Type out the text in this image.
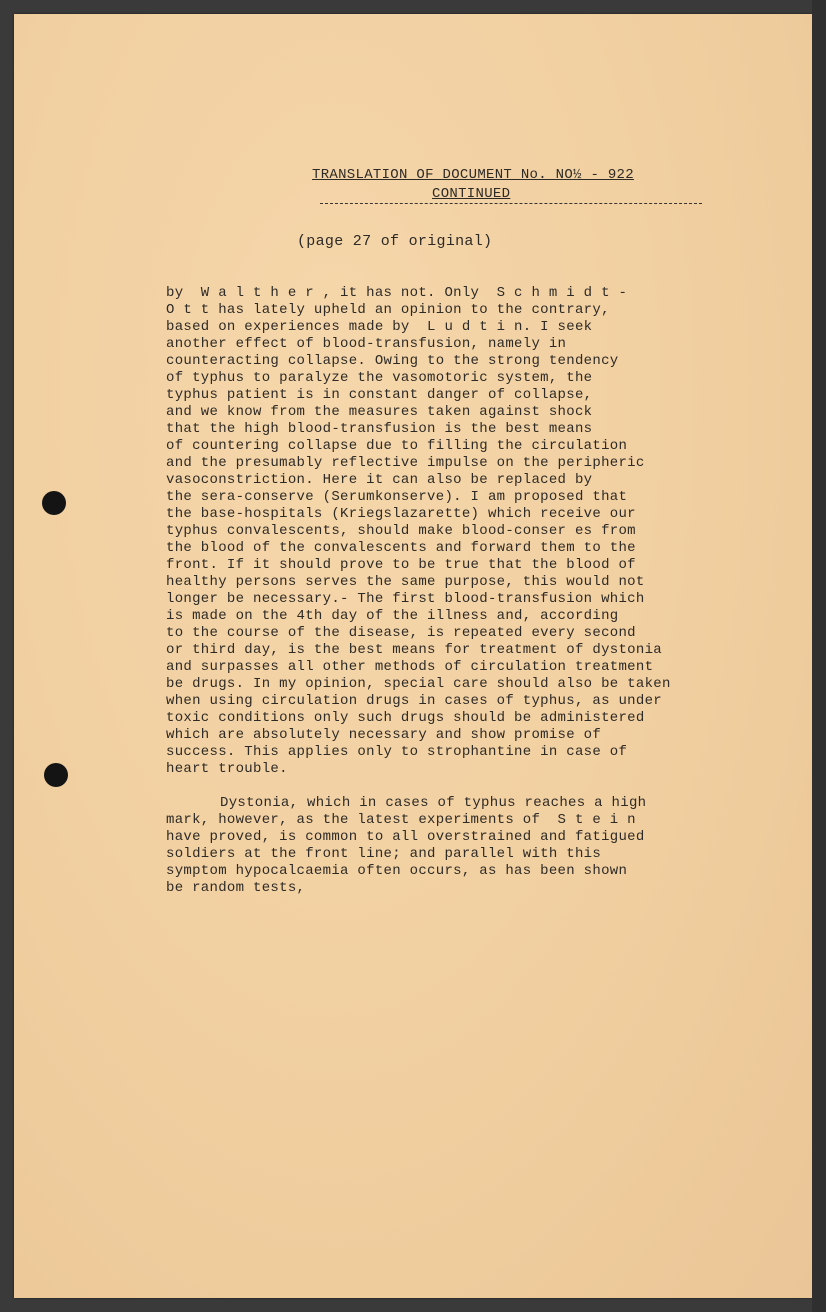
TRANSLATION OF DOCUMENT No. NO½ - 922
CONTINUED
(page 27 of original)
by  W a l t h e r , it has not. Only  S c h m i d t -
O t t has lately upheld an opinion to the contrary,
based on experiences made by  L u d t i n. I seek
another effect of blood-transfusion, namely in
counteracting collapse. Owing to the strong tendency
of typhus to paralyze the vasomotoric system, the
typhus patient is in constant danger of collapse,
and we know from the measures taken against shock
that the high blood-transfusion is the best means
of countering collapse due to filling the circulation
and the presumably reflective impulse on the peripheric
vasoconstriction. Here it can also be replaced by
the sera-conserve (Serumkonserve). I am proposed that
the base-hospitals (Kriegslazarette) which receive our
typhus convalescents, should make blood-conser es from
the blood of the convalescents and forward them to the
front. If it should prove to be true that the blood of
healthy persons serves the same purpose, this would not
longer be necessary.- The first blood-transfusion which
is made on the 4th day of the illness and, according
to the course of the disease, is repeated every second
or third day, is the best means for treatment of dystonia
and surpasses all other methods of circulation treatment
be drugs. In my opinion, special care should also be taken
when using circulation drugs in cases of typhus, as under
toxic conditions only such drugs should be administered
which are absolutely necessary and show promise of
success. This applies only to strophantine in case of
heart trouble.
Dystonia, which in cases of typhus reaches a high
mark, however, as the latest experiments of  S t e i n
have proved, is common to all overstrained and fatigued
soldiers at the front line; and parallel with this
symptom hypocalcaemia often occurs, as has been shown
be random tests,
